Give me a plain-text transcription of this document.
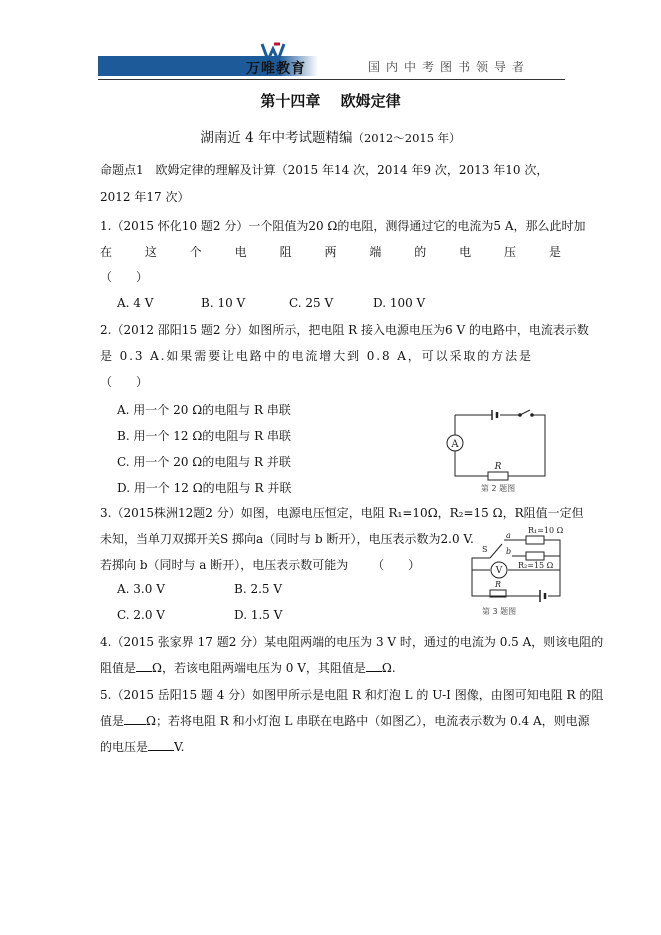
万唯教育	国内中考图书领导者
第十四章　 欧姆定律
湖南近 4 年中考试题精编（2012～2015 年）
命题点1　欧姆定律的理解及计算（2015 年14 次，2014 年9 次，2013 年10 次，
2012 年17 次）
1.（2015 怀化10 题2 分）一个阻值为20 Ω的电阻，测得通过它的电流为5 A，那么此时加
在	这	个	电	阻	两	端	的	电	压	是
（　　）
A. 4 V	B. 10 V	C. 25 V	D. 100 V
2.（2012 邵阳15 题2 分）如图所示，把电阻 R 接入电源电压为6 V 的电路中，电流表示数
是 0.3 A.如果需要让电路中的电流增大到 0.8 A，可以采取的方法是
（　　）
A. 用一个 20 Ω的电阻与 R 串联
B. 用一个 12 Ω的电阻与 R 串联
C. 用一个 20 Ω的电阻与 R 并联
D. 用一个 12 Ω的电阻与 R 并联
A
R
第 2 题图
3.（2015株洲12题2 分）如图，电源电压恒定，电阻 R₁=10Ω，R₂=15 Ω，R阻值一定但
未知，当单刀双掷开关S 掷向a（同时与 b 断开），电压表示数为2.0 V.
若掷向 b（同时与 a 断开），电压表示数可能为 （　　）
A. 3.0 V	B. 2.5 V
C. 2.0 V	D. 1.5 V
R₁=10 Ω
R₂=15 Ω
V
S
a
b
R
第 3 题图
4.（2015 张家界 17 题2 分）某电阻两端的电压为 3 V 时，通过的电流为 0.5 A，则该电阻的
阻值是 Ω，若该电阻两端电压为 0 V，其阻值是 Ω.
5.（2015 岳阳15 题 4 分）如图甲所示是电阻 R 和灯泡 L 的 U-I 图像，由图可知电阻 R 的阻
值是 Ω；若将电阻 R 和小灯泡 L 串联在电路中（如图乙），电流表示数为 0.4 A，则电源
的电压是 V.
